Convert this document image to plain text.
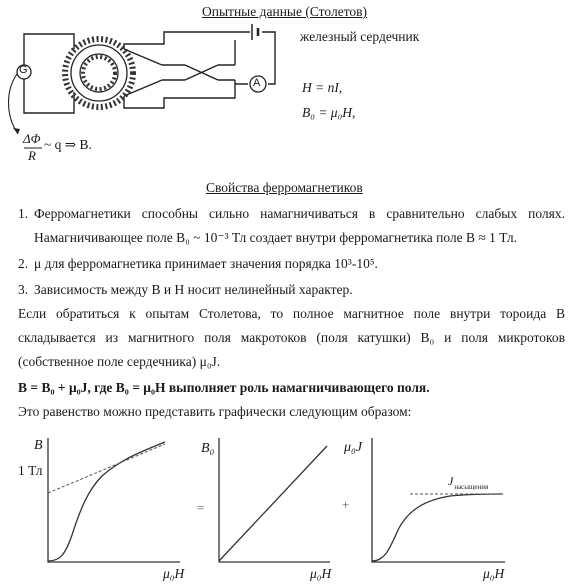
Опытные данные (Столетов)
G
A
железный сердечник
H = nI,
B₀ = μ₀H,
ΔΦ
R
~ q ⇒ B.
Свойства ферромагнетиков
1. Ферромагнетики способны сильно намагничиваться в сравнительно слабых полях.
Намагничивающее поле B₀ ~ 10⁻³ Тл создает внутри ферромагнетика поле B ≈ 1 Тл.
2. μ для ферромагнетика принимает значения порядка 10³-10⁵.
3. Зависимость между B и H носит нелинейный характер.
Если обратиться к опытам Столетова, то полное магнитное поле внутри тороида B
складывается из магнитного поля макротоков (поля катушки) B₀ и поля микротоков
(собственное поле сердечника) μ₀J.
B = B₀ + μ₀J, где B₀ = μ₀H выполняет роль намагничивающего поля.
Это равенство можно представить графически следующим образом:
B
1 Тл
μ₀H
=
B₀
μ₀H
+
μ₀J
μ₀H
$J_{насыщения}$
